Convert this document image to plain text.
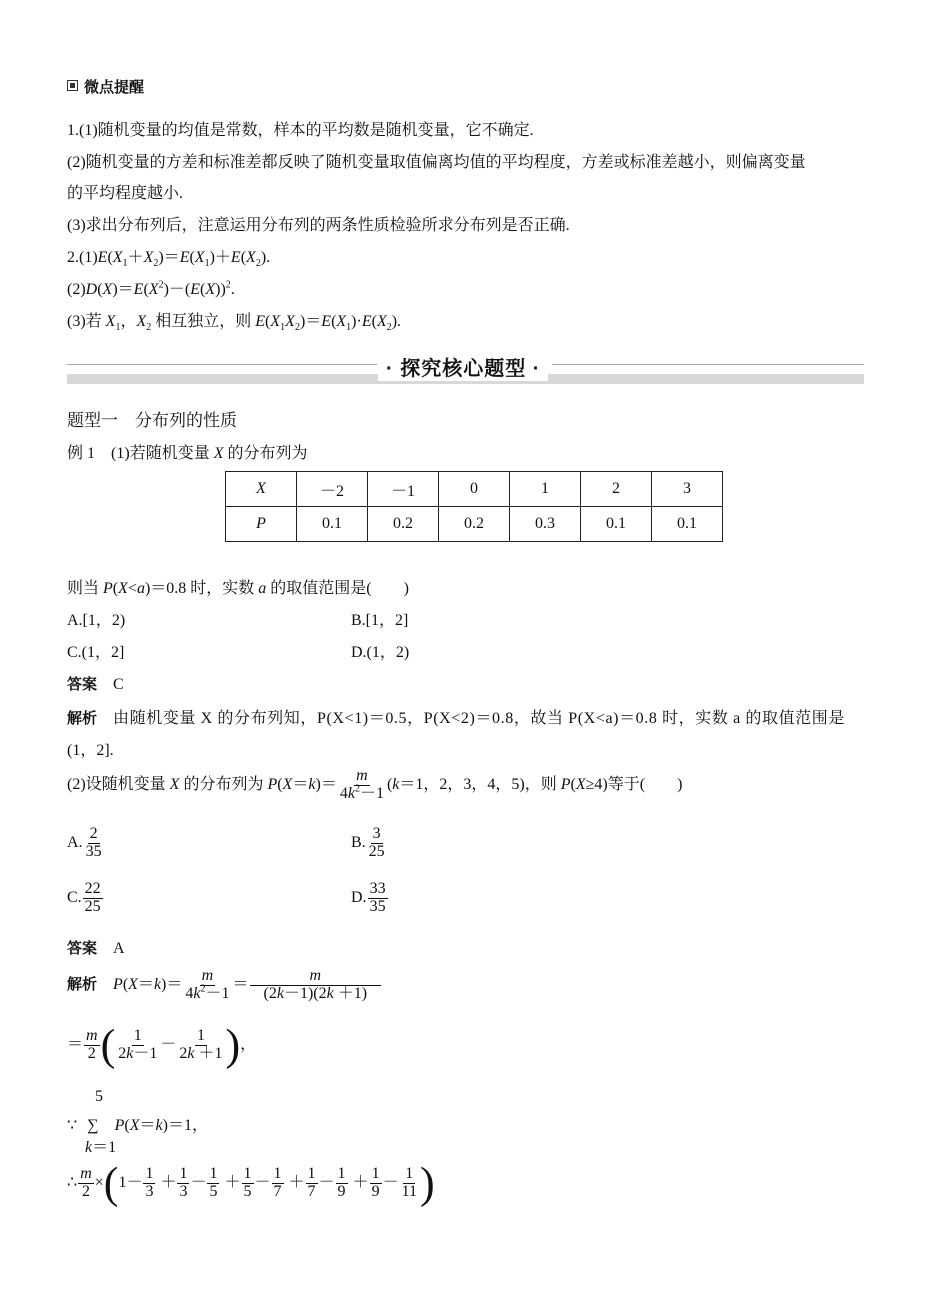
微点提醒
1.(1)随机变量的均值是常数，样本的平均数是随机变量，它不确定.
(2)随机变量的方差和标准差都反映了随机变量取值偏离均值的平均程度，方差或标准差越小，则偏离变量
的平均程度越小.
(3)求出分布列后，注意运用分布列的两条性质检验所求分布列是否正确.
$2.(1)E(X_1+X_2)=E(X_1)+E(X_2)$.
$(2)D(X)=E(X^2)-(E(X))^2$.
(3)若 $X_1$，$X_2$ 相互独立，则 $E(X_1X_2)=E(X_1)\cdot E(X_2)$.
· 探究核心题型 ·
题型一　分布列的性质
例 1　 (1)若随机变量 X 的分布列为
X	－2	－1	0	1	2	3
P	0.1	0.2	0.2	0.3	0.1	0.1
则当 P(X<a)＝0.8 时，实数 a 的取值范围是(　　)
A.[1，2)	B.[1，2]
C.(1，2]	D.(1，2)
答案　 C
解析　 由随机变量 X 的分布列知，P(X<1)＝0.5，P(X<2)＝0.8，故当 P(X<a)＝0.8 时，实数 a 的取值范围是
(1，2].
(2)设随机变量 X 的分布列为 $P(X=k)= \frac{m}{4k^2-1} (k=1$，2，3，4，5)，则 P(X≥4)等于(　　)
A. $\frac{2}{35}$	B. $\frac{3}{25}$
C. $\frac{22}{25}$	D. $\frac{33}{35}$
答案　 A
解析　 $P(X=k)= \frac{m}{4k^2-1} = \frac{m}{(2k-1)(2k +1)}$
＝ $\frac{m}{2}$ ( $\frac{1}{2k-1} - \frac{1}{2k +1}$ )，
5
∵ ∑　 P(X＝k)＝1，
k＝1
∴ $\frac{m}{2} \times(1- \frac{1}{3} + \frac{1}{3} - \frac{1}{5} + \frac{1}{5} - \frac{1}{7} + \frac{1}{7} - \frac{1}{9} + \frac{1}{9} - \frac{1}{11}$ )
